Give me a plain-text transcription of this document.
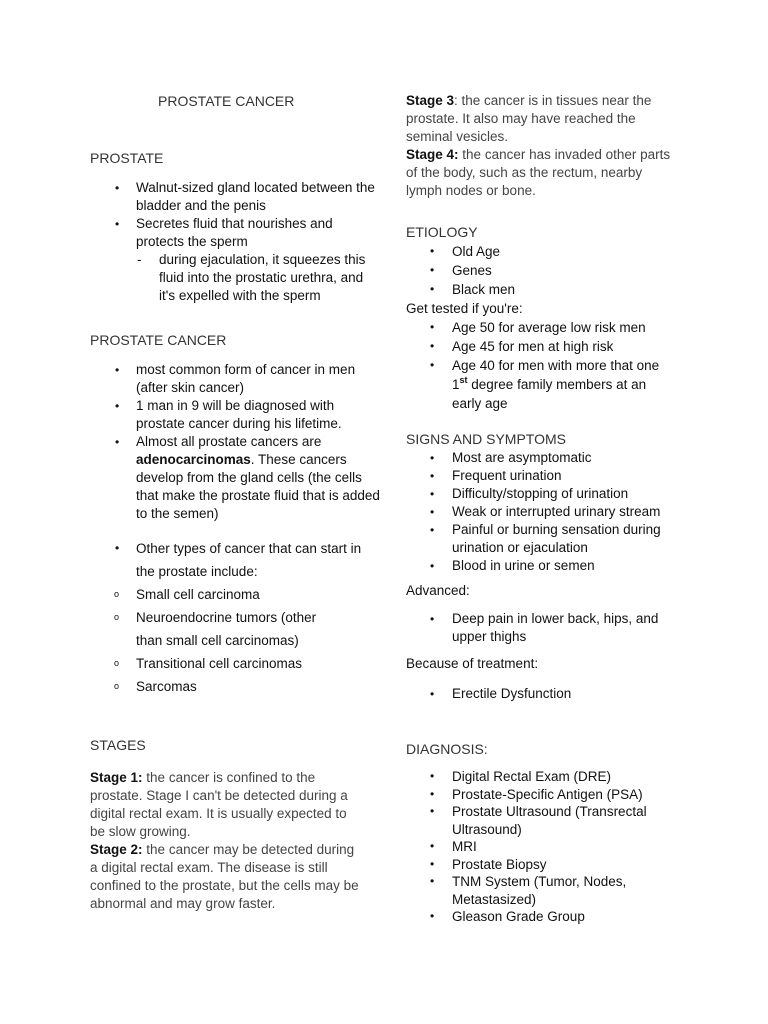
PROSTATE CANCER
PROSTATE
• Walnut-sized gland located between the bladder and the penis
• Secretes fluid that nourishes and protects the sperm
- during ejaculation, it squeezes this fluid into the prostatic urethra, and it's expelled with the sperm
PROSTATE CANCER
• most common form of cancer in men (after skin cancer)
• 1 man in 9 will be diagnosed with prostate cancer during his lifetime.
• Almost all prostate cancers are adenocarcinomas. These cancers develop from the gland cells (the cells that make the prostate fluid that is added to the semen)
• Other types of cancer that can start in the prostate include:
o Small cell carcinoma
o Neuroendocrine tumors (other than small cell carcinomas)
o Transitional cell carcinomas
o Sarcomas
STAGES
Stage 1: the cancer is confined to the prostate. Stage I can't be detected during a digital rectal exam. It is usually expected to be slow growing.
Stage 2: the cancer may be detected during a digital rectal exam. The disease is still confined to the prostate, but the cells may be abnormal and may grow faster.
Stage 3: the cancer is in tissues near the prostate. It also may have reached the seminal vesicles.
Stage 4: the cancer has invaded other parts of the body, such as the rectum, nearby lymph nodes or bone.
ETIOLOGY
• Old Age
• Genes
• Black men
Get tested if you're:
• Age 50 for average low risk men
• Age 45 for men at high risk
• Age 40 for men with more that one 1st degree family members at an early age
SIGNS AND SYMPTOMS
• Most are asymptomatic
• Frequent urination
• Difficulty/stopping of urination
• Weak or interrupted urinary stream
• Painful or burning sensation during urination or ejaculation
• Blood in urine or semen
Advanced:
• Deep pain in lower back, hips, and upper thighs
Because of treatment:
• Erectile Dysfunction
DIAGNOSIS:
• Digital Rectal Exam (DRE)
• Prostate-Specific Antigen (PSA)
• Prostate Ultrasound (Transrectal Ultrasound)
• MRI
• Prostate Biopsy
• TNM System (Tumor, Nodes, Metastasized)
• Gleason Grade Group
